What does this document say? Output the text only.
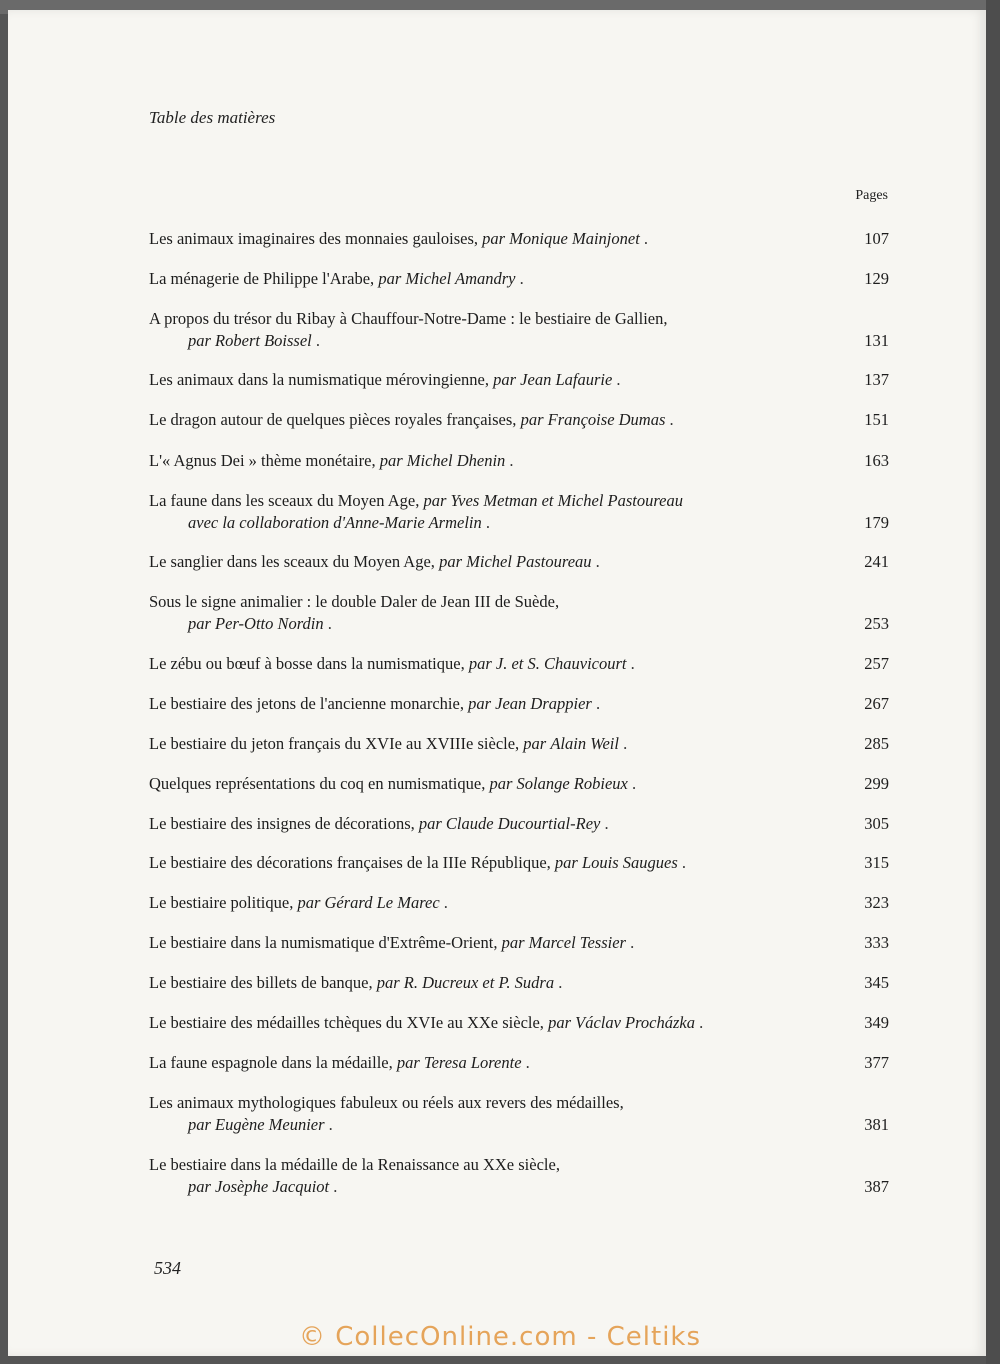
Table des matières
Pages
Les animaux imaginaires des monnaies gauloises, par Monique Mainjonet .	107
La ménagerie de Philippe l'Arabe, par Michel Amandry .	129
A propos du trésor du Ribay à Chauffour-Notre-Dame : le bestiaire de Gallien,
par Robert Boissel .	131
Les animaux dans la numismatique mérovingienne, par Jean Lafaurie .	137
Le dragon autour de quelques pièces royales françaises, par Françoise Dumas .	151
L'« Agnus Dei » thème monétaire, par Michel Dhenin .	163
La faune dans les sceaux du Moyen Age, par Yves Metman et Michel Pastoureau
avec la collaboration d'Anne-Marie Armelin .	179
Le sanglier dans les sceaux du Moyen Age, par Michel Pastoureau .	241
Sous le signe animalier : le double Daler de Jean III de Suède,
par Per-Otto Nordin .	253
Le zébu ou bœuf à bosse dans la numismatique, par J. et S. Chauvicourt .	257
Le bestiaire des jetons de l'ancienne monarchie, par Jean Drappier .	267
Le bestiaire du jeton français du XVIe au XVIIIe siècle, par Alain Weil .	285
Quelques représentations du coq en numismatique, par Solange Robieux .	299
Le bestiaire des insignes de décorations, par Claude Ducourtial-Rey .	305
Le bestiaire des décorations françaises de la IIIe République, par Louis Saugues .	315
Le bestiaire politique, par Gérard Le Marec .	323
Le bestiaire dans la numismatique d'Extrême-Orient, par Marcel Tessier .	333
Le bestiaire des billets de banque, par R. Ducreux et P. Sudra .	345
Le bestiaire des médailles tchèques du XVIe au XXe siècle, par Václav Procházka .	349
La faune espagnole dans la médaille, par Teresa Lorente .	377
Les animaux mythologiques fabuleux ou réels aux revers des médailles,
par Eugène Meunier .	381
Le bestiaire dans la médaille de la Renaissance au XXe siècle,
par Josèphe Jacquiot .	387
534
© CollecOnline.com - Celtiks
